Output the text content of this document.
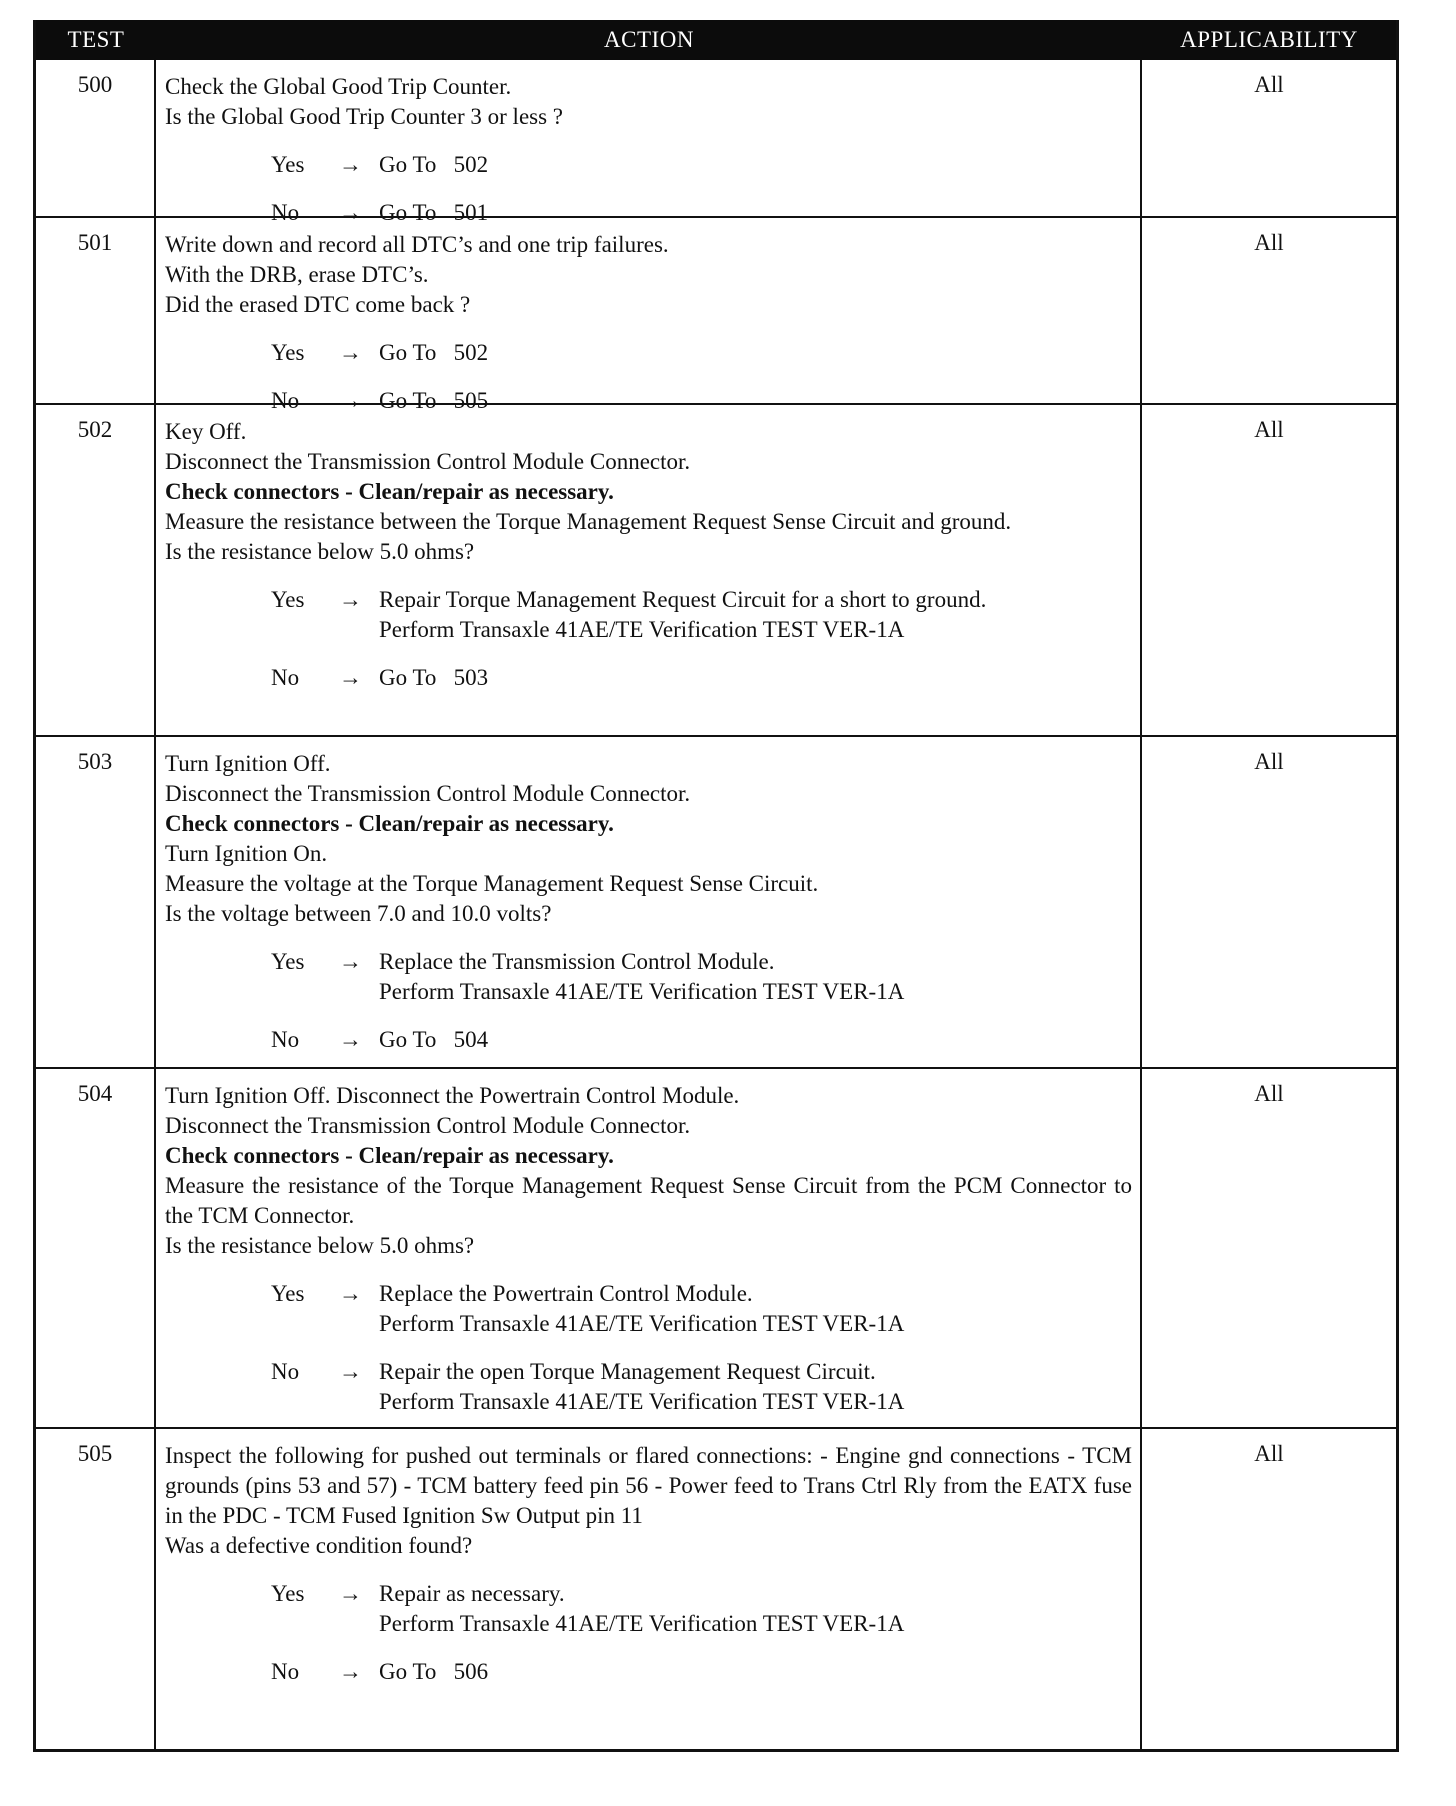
TEST	ACTION	APPLICABILITY
500	Check the Global Good Trip Counter.
Is the Global Good Trip Counter 3 or less ?
Yes	→ Go To   502
No	→ Go To   501
All
501	Write down and record all DTC’s and one trip failures.
With the DRB, erase DTC’s.
Did the erased DTC come back ?
Yes	→ Go To   502
No	→ Go To   505
All
502	Key Off.
Disconnect the Transmission Control Module Connector.
Check connectors - Clean/repair as necessary.
Measure the resistance between the Torque Management Request Sense Circuit and ground.
Is the resistance below 5.0 ohms?
Yes	→ Repair Torque Management Request Circuit for a short to ground.
Perform Transaxle 41AE/TE Verification TEST VER-1A
No	→ Go To   503
All
503	Turn Ignition Off.
Disconnect the Transmission Control Module Connector.
Check connectors - Clean/repair as necessary.
Turn Ignition On.
Measure the voltage at the Torque Management Request Sense Circuit.
Is the voltage between 7.0 and 10.0 volts?
Yes	→ Replace the Transmission Control Module.
Perform Transaxle 41AE/TE Verification TEST VER-1A
No	→ Go To   504
All
504	Turn Ignition Off. Disconnect the Powertrain Control Module.
Disconnect the Transmission Control Module Connector.
Check connectors - Clean/repair as necessary.
Measure the resistance of the Torque Management Request Sense Circuit from the PCM Connector to the TCM Connector.
Is the resistance below 5.0 ohms?
Yes	→ Replace the Powertrain Control Module.
Perform Transaxle 41AE/TE Verification TEST VER-1A
No	→ Repair the open Torque Management Request Circuit.
Perform Transaxle 41AE/TE Verification TEST VER-1A
All
505	Inspect the following for pushed out terminals or flared connections: - Engine gnd connections - TCM grounds (pins 53 and 57) - TCM battery feed pin 56 - Power feed to Trans Ctrl Rly from the EATX fuse in the PDC - TCM Fused Ignition Sw Output pin 11
Was a defective condition found?
Yes	→ Repair as necessary.
Perform Transaxle 41AE/TE Verification TEST VER-1A
No	→ Go To   506
All
